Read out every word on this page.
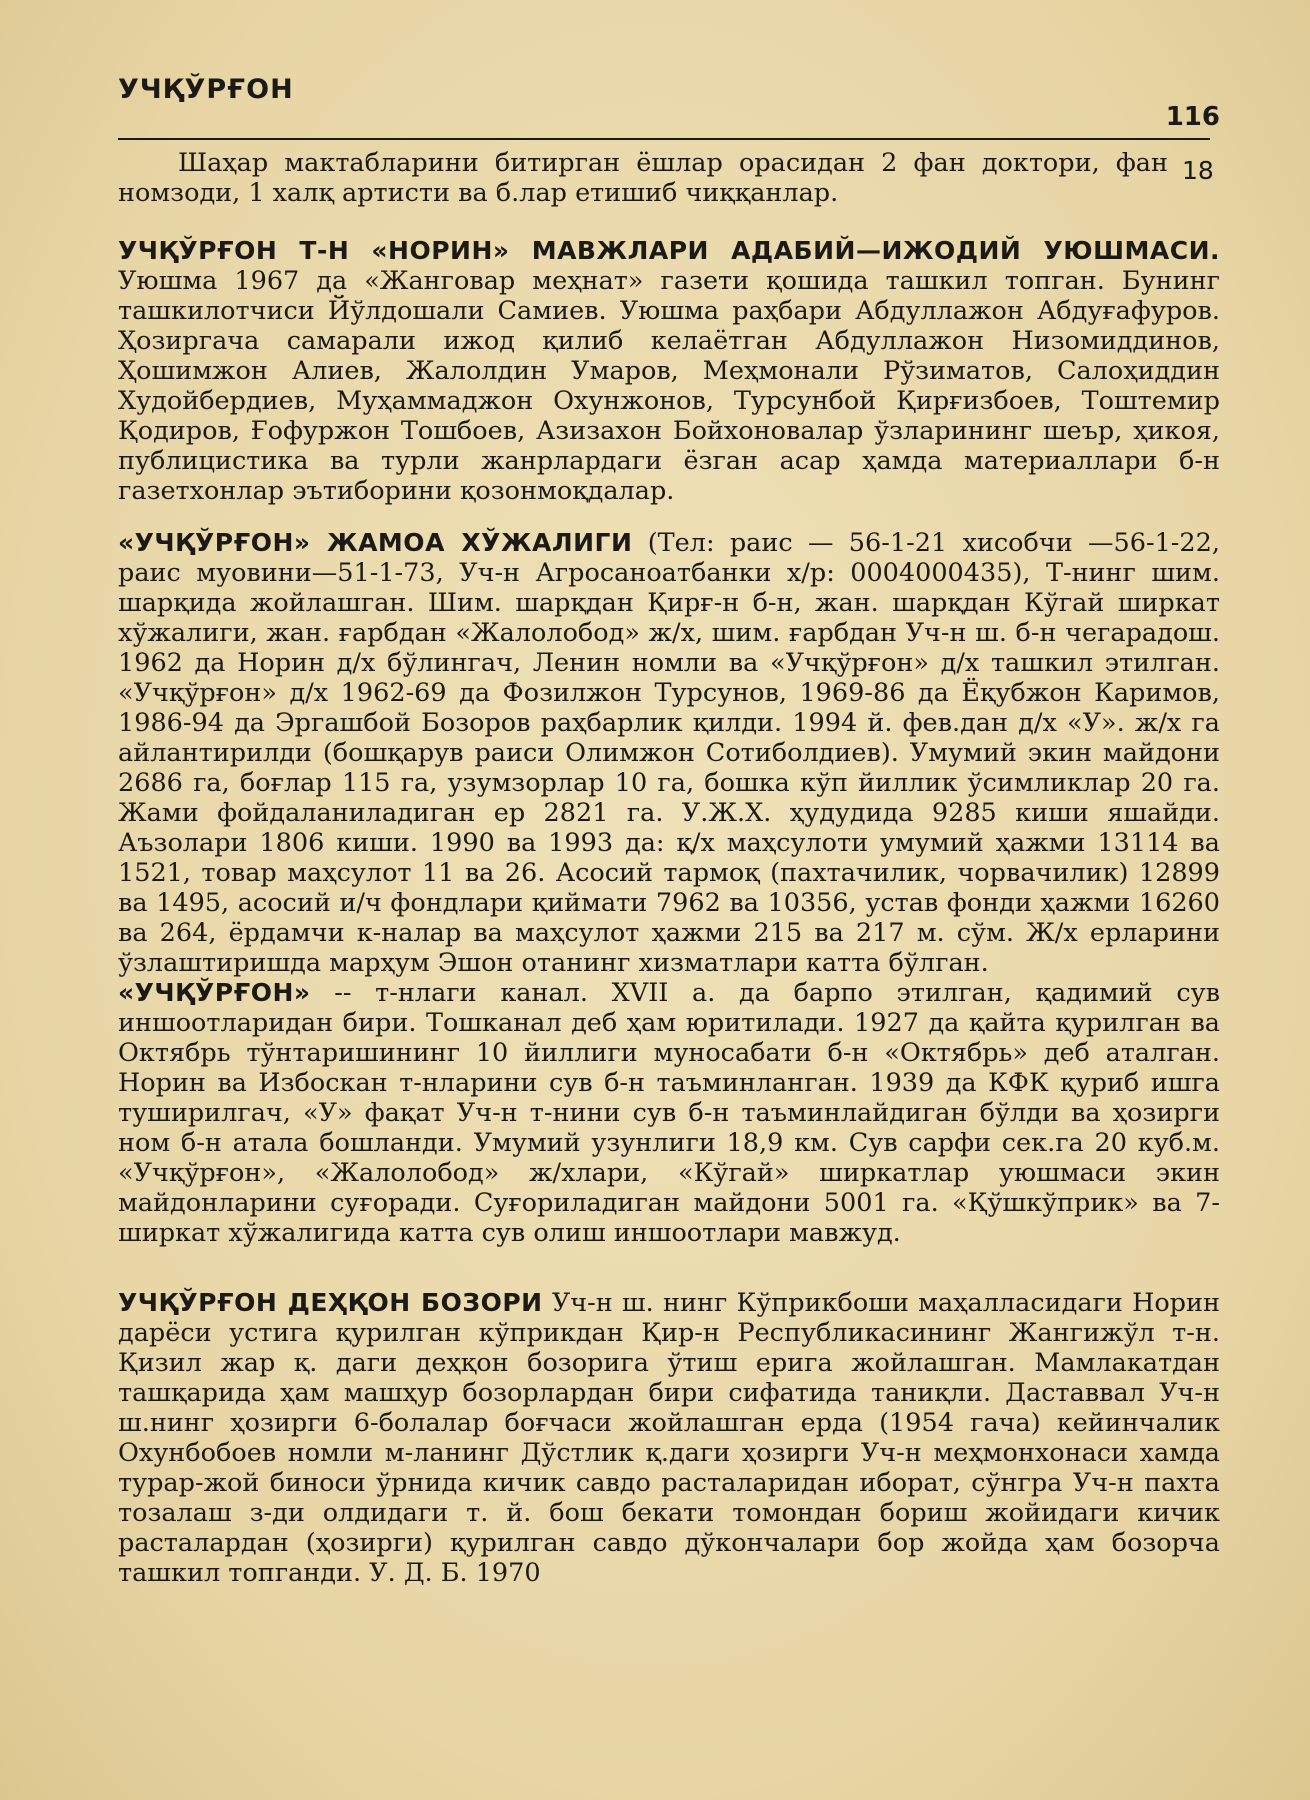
УЧҚЎРҒОН
116
18

Шаҳар мактабларини битирган ёшлар орасидан 2 фан доктори, фан номзоди, 1 халқ артисти ва б.лар етишиб чиққанлар.

УЧҚЎРҒОН Т-Н «НОРИН» МАВЖЛАРИ АДАБИЙ—ИЖОДИЙ УЮШМАСИ. Уюшма 1967 да «Жанговар меҳнат» газети қошида ташкил топган. Бунинг ташкилотчиси Йўлдошали Самиев. Уюшма раҳбари Абдуллажон Абдуғафуров. Ҳозиргача самарали ижод қилиб келаётган Абдуллажон Низомиддинов, Ҳошимжон Алиев, Жалолдин Умаров, Меҳмонали Рўзиматов, Салоҳиддин Худойбердиев, Муҳаммаджон Охунжонов, Турсунбой Қирғизбоев, Тоштемир Қодиров, Ғофуржон Тошбоев, Азизахон Бойхоновалар ўзларининг шеър, ҳикоя, публицистика ва турли жанрлардаги ёзган асар ҳамда материаллари б-н газетхонлар эътиборини қозонмоқдалар.

«УЧҚЎРҒОН» ЖАМОА ХЎЖАЛИГИ (Тел: раис — 56-1-21 хисобчи —56-1-22, раис муовини—51-1-73, Уч-н Агросаноатбанки х/р: 0004000435), Т-нинг шим. шарқида жойлашган. Шим. шарқдан Қирғ-н б-н, жан. шарқдан Кўгай ширкат хўжалиги, жан. ғарбдан «Жалолобод» ж/х, шим. ғарбдан Уч-н ш. б-н чегарадош. 1962 да Норин д/х бўлингач, Ленин номли ва «Учқўрғон» д/х ташкил этилган. «Учқўрғон» д/х 1962-69 да Фозилжон Турсунов, 1969-86 да Ёқубжон Каримов, 1986-94 да Эргашбой Бозоров раҳбарлик қилди. 1994 й. фев.дан д/х «У». ж/х га айлантирилди (бошқарув раиси Олимжон Сотиболдиев). Умумий экин майдони 2686 га, боғлар 115 га, узумзорлар 10 га, бошка кўп йиллик ўсимликлар 20 га. Жами фойдаланиладиган ер 2821 га. У.Ж.Х. ҳудудида 9285 киши яшайди. Аъзолари 1806 киши. 1990 ва 1993 да: қ/х маҳсулоти умумий ҳажми 13114 ва 1521, товар маҳсулот 11 ва 26. Асосий тармоқ (пахтачилик, чорвачилик) 12899 ва 1495, асосий и/ч фондлари қиймати 7962 ва 10356, устав фонди ҳажми 16260 ва 264, ёрдамчи к-налар ва маҳсулот ҳажми 215 ва 217 м. сўм. Ж/х ерларини ўзлаштиришда марҳум Эшон отанинг хизматлари катта бўлган.

«УЧҚЎРҒОН» -- т-нлаги канал. XVII а. да барпо этилган, қадимий сув иншоотларидан бири. Тошканал деб ҳам юритилади. 1927 да қайта қурилган ва Октябрь тўнтаришининг 10 йиллиги муносабати б-н «Октябрь» деб аталган. Норин ва Избоскан т-нларини сув б-н таъминланган. 1939 да КФК қуриб ишга туширилгач, «У» фақат Уч-н т-нини сув б-н таъминлайдиган бўлди ва ҳозирги ном б-н атала бошланди. Умумий узунлиги 18,9 км. Сув сарфи сек.га 20 куб.м. «Учқўрғон», «Жалолобод» ж/хлари, «Кўгай» ширкатлар уюшмаси экин майдонларини суғоради. Суғориладиган майдони 5001 га. «Қўшкўприк» ва 7-ширкат хўжалигида катта сув олиш иншоотлари мавжуд.

УЧҚЎРҒОН ДЕҲҚОН БОЗОРИ Уч-н ш. нинг Кўприкбоши маҳалласидаги Норин дарёси устига қурилган кўприкдан Қир-н Республикасининг Жангижўл т-н. Қизил жар қ. даги деҳқон бозорига ўтиш ерига жойлашган. Мамлакатдан ташқарида ҳам машҳур бозорлардан бири сифатида таниқли. Даставвал Уч-н ш.нинг ҳозирги 6-болалар боғчаси жойлашган ерда (1954 гача) кейинчалик Охунбобоев номли м-ланинг Дўстлик қ.даги ҳозирги Уч-н меҳмонхонаси хамда турар-жой биноси ўрнида кичик савдо расталаридан иборат, сўнгра Уч-н пахта тозалаш з-ди олдидаги т. й. бош бекати томондан бориш жойидаги кичик расталардан (ҳозирги) қурилган савдо дўкончалари бор жойда ҳам бозорча ташкил топганди. У. Д. Б. 1970
